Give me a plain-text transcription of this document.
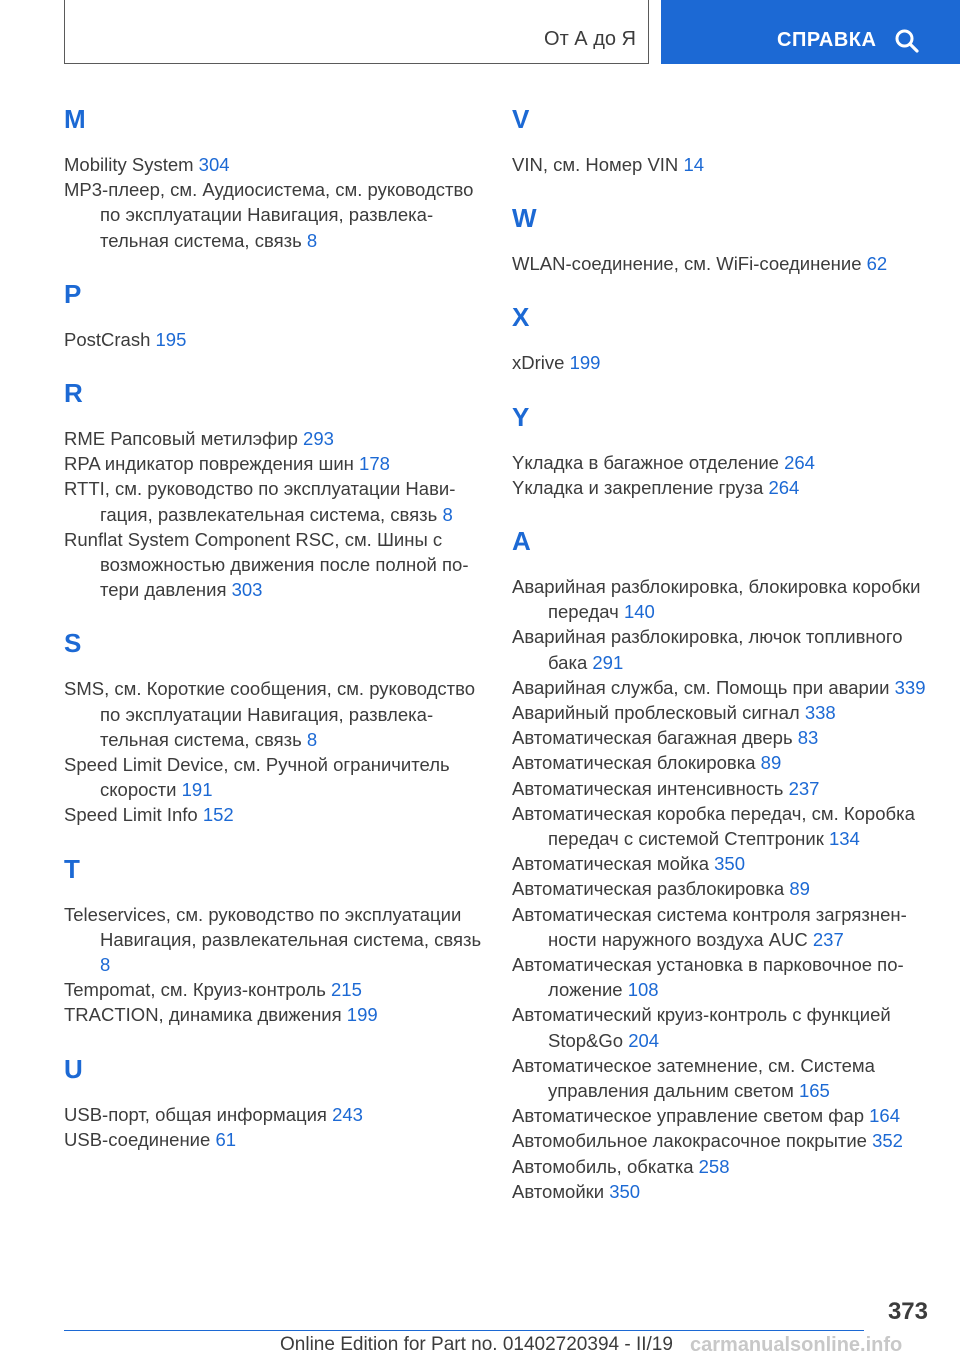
От А до Я	СПРАВКА
M
Mobility System 304
MP3-плеер, см. Аудиосистема, см. руководство по эксплуатации Навигация, развлекательная система, связь 8
P
PostCrash 195
R
RME Рапсовый метилэфир 293
RPA индикатор повреждения шин 178
RTTI, см. руководство по эксплуатации Навигация, развлекательная система, связь 8
Runflat System Component RSC, см. Шины с возможностью движения после полной потери давления 303
S
SMS, см. Короткие сообщения, см. руководство по эксплуатации Навигация, развлекательная система, связь 8
Speed Limit Device, см. Ручной ограничитель скорости 191
Speed Limit Info 152
T
Teleservices, см. руководство по эксплуатации Навигация, развлекательная система, связь 8
Tempomat, см. Круиз-контроль 215
TRACTION, динамика движения 199
U
USB-порт, общая информация 243
USB-соединение 61
V
VIN, см. Номер VIN 14
W
WLAN-соединение, см. WiFi-соединение 62
X
xDrive 199
Y
Yкладка в багажное отделение 264
Yкладка и закрепление груза 264
A
Аварийная разблокировка, блокировка коробки передач 140
Аварийная разблокировка, лючок топливного бака 291
Аварийная служба, см. Помощь при аварии 339
Аварийный проблесковый сигнал 338
Автоматическая багажная дверь 83
Автоматическая блокировка 89
Автоматическая интенсивность 237
Автоматическая коробка передач, см. Коробка передач с системой Стептроник 134
Автоматическая мойка 350
Автоматическая разблокировка 89
Автоматическая система контроля загрязненности наружного воздуха AUC 237
Автоматическая установка в парковочное положение 108
Автоматический круиз-контроль с функцией Stop&Go 204
Автоматическое затемнение, см. Система управления дальним светом 165
Автоматическое управление светом фар 164
Автомобильное лакокрасочное покрытие 352
Автомобиль, обкатка 258
Автомойки 350
373
Online Edition for Part no. 01402720394 - II/19 carmanualsonline.info
